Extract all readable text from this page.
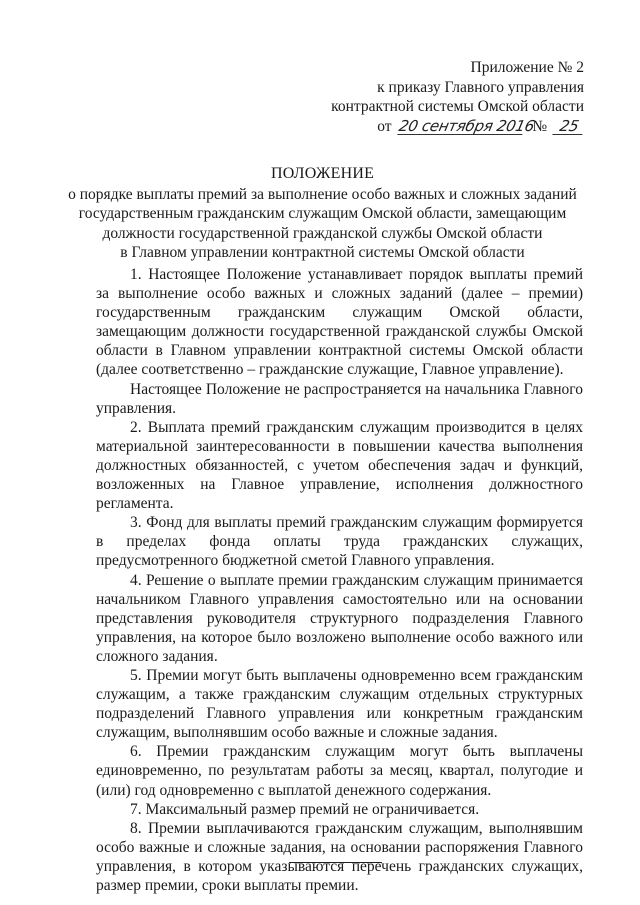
Приложение № 2
к приказу Главного управления
контрактной системы Омской области
от 20 сентября 2016 № 25
ПОЛОЖЕНИЕ
о порядке выплаты премий за выполнение особо важных и сложных заданий
государственным гражданским служащим Омской области, замещающим
должности государственной гражданской службы Омской области
в Главном управлении контрактной системы Омской области

1. Настоящее Положение устанавливает порядок выплаты премий за выполнение особо важных и сложных заданий (далее – премии) государственным гражданским служащим Омской области, замещающим должности государственной гражданской службы Омской области в Главном управлении контрактной системы Омской области (далее соответственно – гражданские служащие, Главное управление).

Настоящее Положение не распространяется на начальника Главного управления.

2. Выплата премий гражданским служащим производится в целях материальной заинтересованности в повышении качества выполнения должностных обязанностей, с учетом обеспечения задач и функций, возложенных на Главное управление, исполнения должностного регламента.

3. Фонд для выплаты премий гражданским служащим формируется в пределах фонда оплаты труда гражданских служащих, предусмотренного бюджетной сметой Главного управления.

4. Решение о выплате премии гражданским служащим принимается начальником Главного управления самостоятельно или на основании представления руководителя структурного подразделения Главного управления, на которое было возложено выполнение особо важного или сложного задания.

5. Премии могут быть выплачены одновременно всем гражданским служащим, а также гражданским служащим отдельных структурных подразделений Главного управления или конкретным гражданским служащим, выполнявшим особо важные и сложные задания.

6. Премии гражданским служащим могут быть выплачены единовременно, по результатам работы за месяц, квартал, полугодие и (или) год одновременно с выплатой денежного содержания.

7. Максимальный размер премий не ограничивается.

8. Премии выплачиваются гражданским служащим, выполнявшим особо важные и сложные задания, на основании распоряжения Главного управления, в котором указываются перечень гражданских служащих, размер премии, сроки выплаты премии.
